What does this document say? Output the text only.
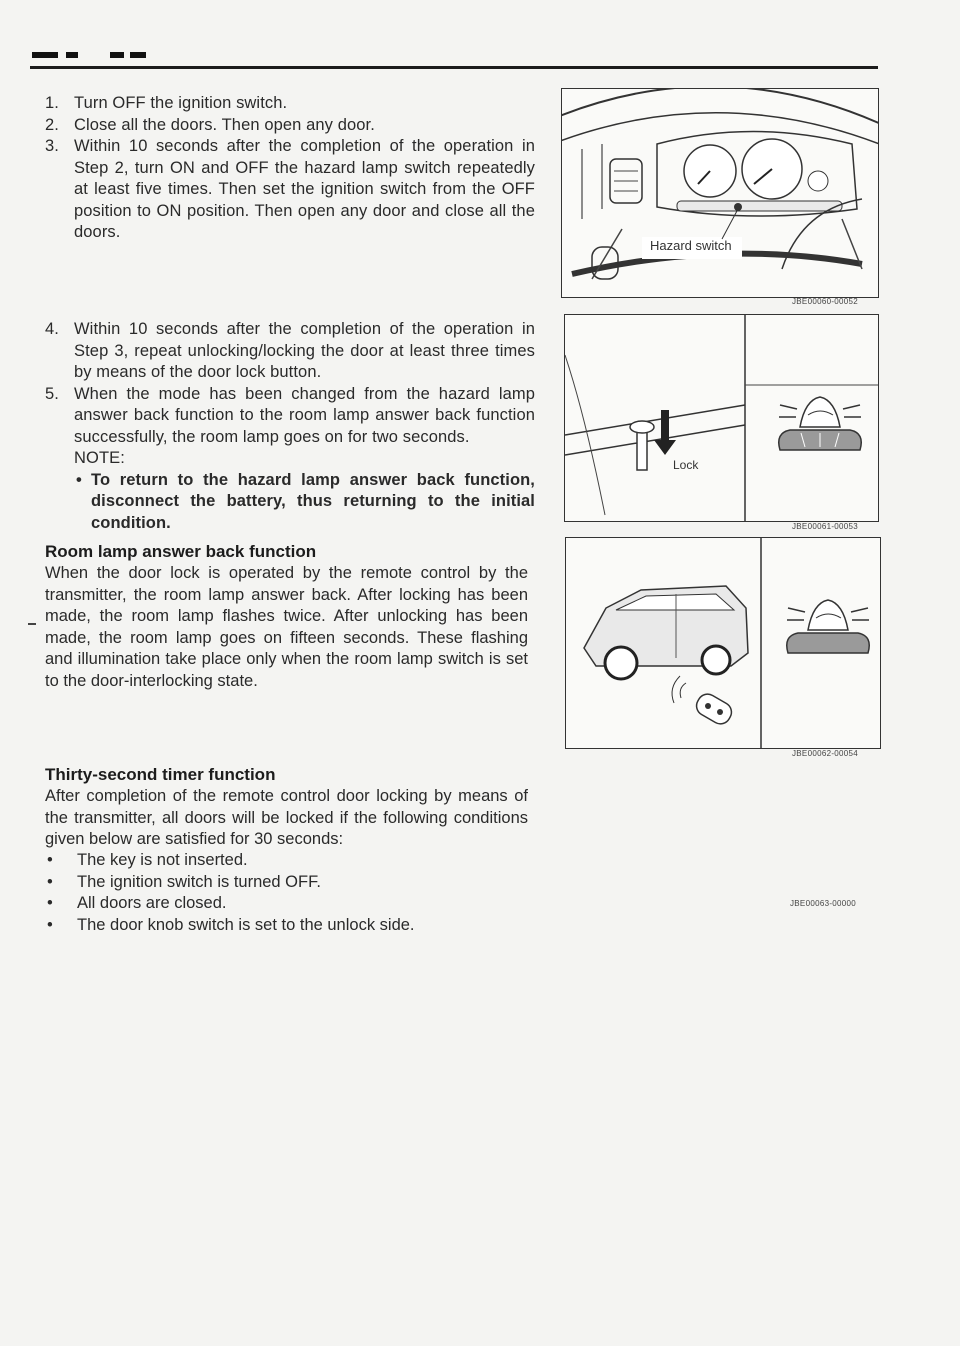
1. Turn OFF the ignition switch.

2. Close all the doors. Then open any door.

3. Within 10 seconds after the completion of the operation in Step 2, turn ON and OFF the hazard lamp switch repeatedly at least five times. Then set the ignition switch from the OFF position to ON position. Then open any door and close all the doors.

4. Within 10 seconds after the completion of the operation in Step 3, repeat unlocking/locking the door at least three times by means of the door lock button.

5. When the mode has been changed from the hazard lamp answer back function to the room lamp answer back function successfully, the room lamp goes on for two seconds.

NOTE:

• To return to the hazard lamp answer back function, disconnect the battery, thus returning to the initial condition.
Room lamp answer back function

When the door lock is operated by the remote control by the transmitter, the room lamp answer back. After locking has been made, the room lamp flashes twice. After unlocking has been made, the room lamp goes on fifteen seconds. These flashing and illumination take place only when the room lamp switch is set to the door-interlocking state.

Thirty-second timer function

After completion of the remote control door locking by means of the transmitter, all doors will be locked if the following conditions given below are satisfied for 30 seconds:

• The key is not inserted.
• The ignition switch is turned OFF.
• All doors are closed.
• The door knob switch is set to the unlock side.
Hazard switch
JBE00060-00052
Lock
JBE00061-00053
JBE00062-00054
JBE00063-00000
